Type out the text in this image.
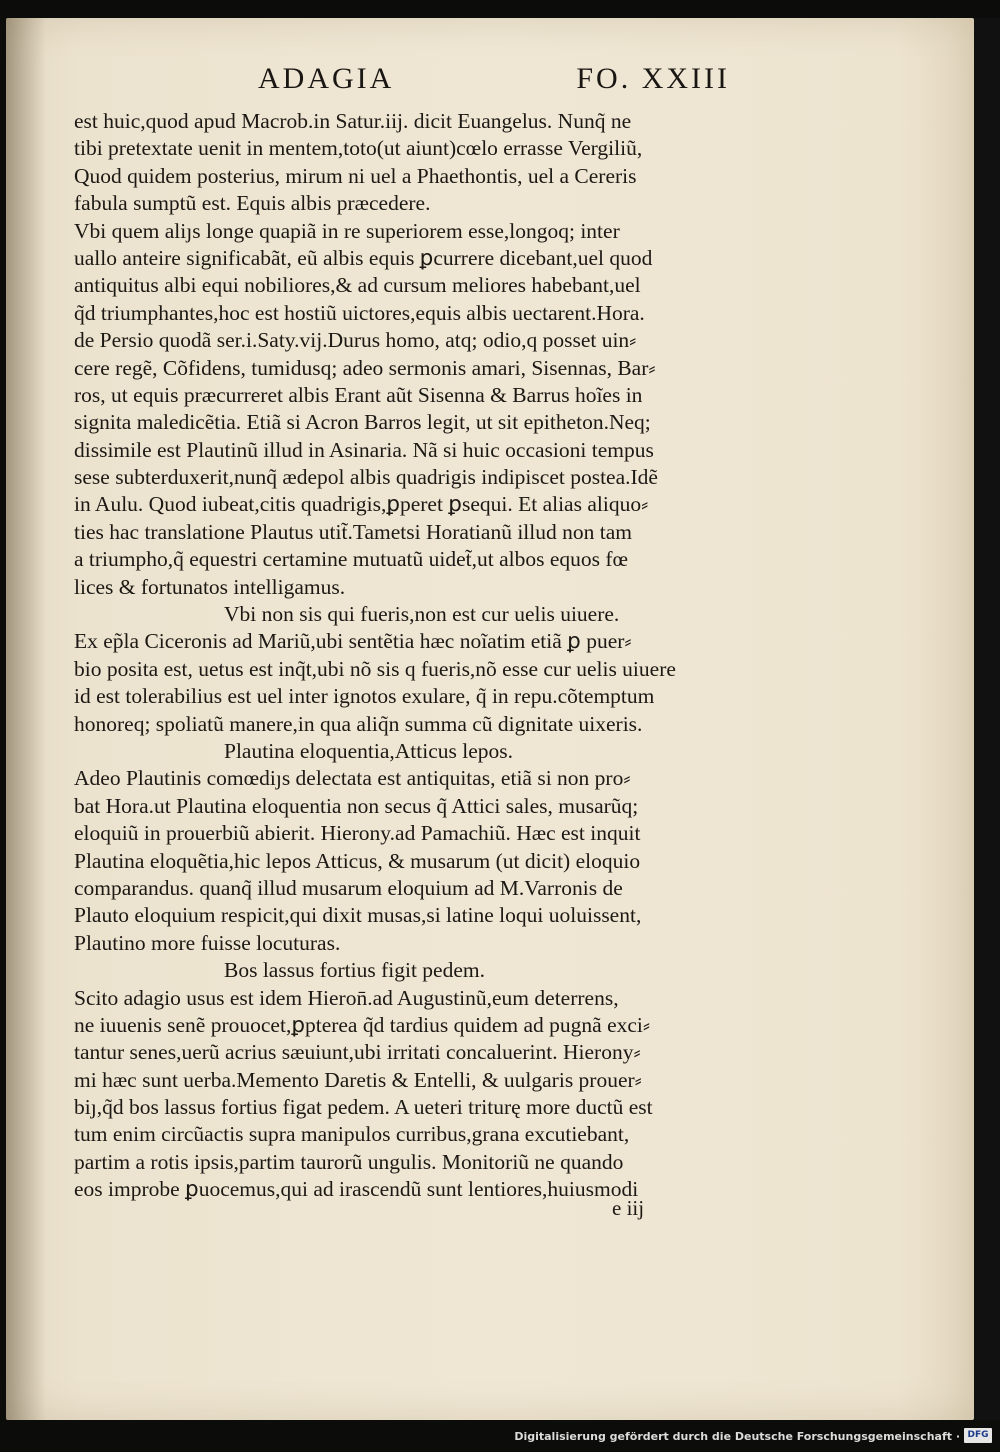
ADAGIA	FO. XXIII
est huic,quod apud Macrob.in Satur.iij. dicit Euangelus. Nunq̃ ne
tibi pretextate uenit in mentem,toto(ut aiunt)cœlo errasse Vergiliũ,
Quod quidem posterius, mirum ni uel a Phaethontis, uel a Cereris
fabula sumptũ est. Equis albis præcedere.
Vbi quem aliȷs longe quapiã in re superiorem esse,longoq; inter
uallo anteire significabãt, eũ albis equis ꝑcurrere dicebant,uel quod
antiquitus albi equi nobiliores,& ad cursum meliores habebant,uel
q̃d triumphantes,hoc est hostiũ uictores,equis albis uectarent.Hora.
de Persio quodã ser.i.Saty.vij.Durus homo, atq; odio,q posset uin⸗
cere regẽ, Cõfidens, tumidusq; adeo sermonis amari, Sisennas, Bar⸗
ros, ut equis præcurreret albis Erant aũt Sisenna & Barrus hoĩes in
signita maledicẽtia. Etiã si Acron Barros legit, ut sit epitheton.Neq;
dissimile est Plautinũ illud in Asinaria. Nã si huic occasioni tempus
sese subterduxerit,nunq̃ ædepol albis quadrigis indipiscet postea.Idẽ
in Aulu. Quod iubeat,citis quadrigis,ꝑperet ꝑsequi. Et alias aliquo⸗
ties hac translatione Plautus utit̃.Tametsi Horatianũ illud non tam
a triumpho,q̃ equestri certamine mutuatũ uidet̃,ut albos equos fœ
lices & fortunatos intelligamus.
Vbi non sis qui fueris,non est cur uelis uiuere.
Ex ep̃la Ciceronis ad Mariũ,ubi sentẽtia hæc noĩatim etiã ꝑ puer⸗
bio posita est, uetus est inq̃t,ubi nõ sis q fueris,nõ esse cur uelis uiuere
id est tolerabilius est uel inter ignotos exulare, q̃ in repu.cõtemptum
honoreq; spoliatũ manere,in qua aliq̃n summa cũ dignitate uixeris.
Plautina eloquentia,Atticus lepos.
Adeo Plautinis comœdiȷs delectata est antiquitas, etiã si non pro⸗
bat Hora.ut Plautina eloquentia non secus q̃ Attici sales, musarũq;
eloquiũ in prouerbiũ abierit. Hierony.ad Pamachiũ. Hæc est inquit
Plautina eloquẽtia,hic lepos Atticus, & musarum (ut dicit) eloquio
comparandus. quanq̃ illud musarum eloquium ad M.Varronis de
Plauto eloquium respicit,qui dixit musas,si latine loqui uoluissent,
Plautino more fuisse locuturas.
Bos lassus fortius figit pedem.
Scito adagio usus est idem Hieron̄.ad Augustinũ,eum deterrens,
ne iuuenis senẽ prouocet,ꝑptereа q̃d tardius quidem ad pugnã exci⸗
tantur senes,uerũ acrius sæuiunt,ubi irritati concaluerint. Hierony⸗
mi hæc sunt uerba.Memento Daretis & Entelli, & uulgaris prouer⸗
biȷ,q̃d bos lassus fortius figat pedem. A ueteri triturę more ductũ est
tum enim circũactis supra manipulos curribus,grana excutiebant,
partim a rotis ipsis,partim taurorũ ungulis. Monitoriũ ne quando
eos improbe ꝑuocemus,qui ad irascendũ sunt lentiores,huiusmodi
e iij
Digitalisierung gefördert durch die Deutsche Forschungsgemeinschaft · DFG
